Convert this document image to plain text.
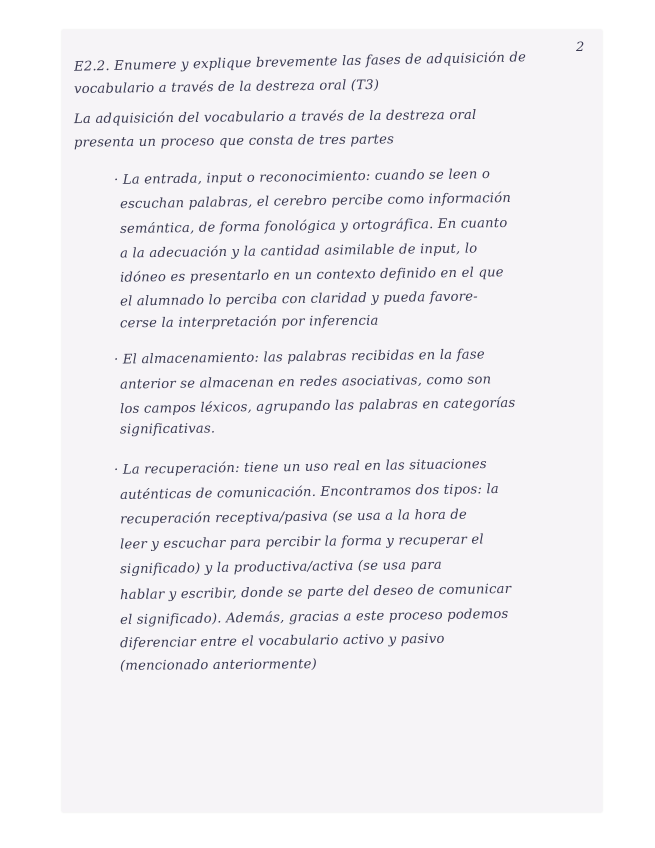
2
E2.2. Enumere y explique brevemente las fases de adquisición de
vocabulario a través de la destreza oral (T3)
La adquisición del vocabulario a través de la destreza oral
presenta un proceso que consta de tres partes
· La entrada, input o reconocimiento: cuando se leen o
escuchan palabras, el cerebro percibe como información
semántica, de forma fonológica y ortográfica. En cuanto
a la adecuación y la cantidad asimilable de input, lo
idóneo es presentarlo en un contexto definido en el que
el alumnado lo perciba con claridad y pueda favore-
cerse la interpretación por inferencia
· El almacenamiento: las palabras recibidas en la fase
anterior se almacenan en redes asociativas, como son
los campos léxicos, agrupando las palabras en categorías
significativas.
· La recuperación: tiene un uso real en las situaciones
auténticas de comunicación. Encontramos dos tipos: la
recuperación receptiva/pasiva (se usa a la hora de
leer y escuchar para percibir la forma y recuperar el
significado) y la productiva/activa (se usa para
hablar y escribir, donde se parte del deseo de comunicar
el significado). Además, gracias a este proceso podemos
diferenciar entre el vocabulario activo y pasivo
(mencionado anteriormente)
